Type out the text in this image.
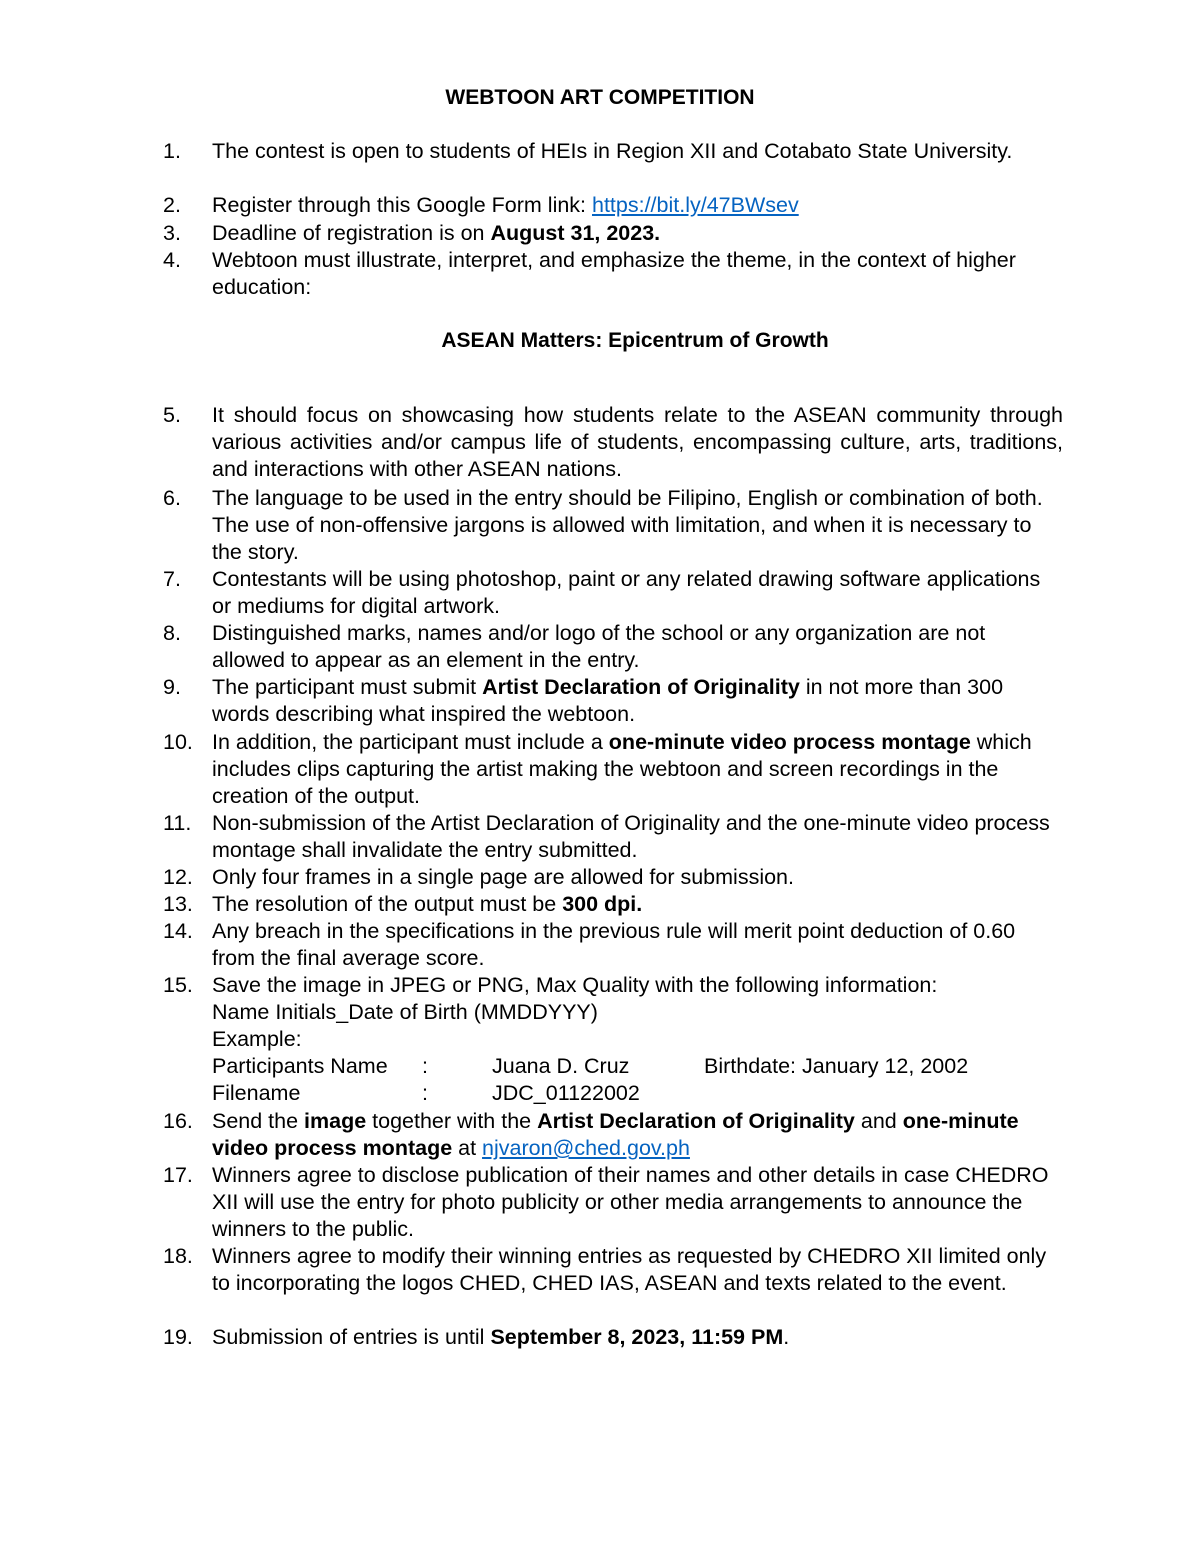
WEBTOON ART COMPETITION
1.	The contest is open to students of HEIs in Region XII and Cotabato State University.
2.	Register through this Google Form link: https://bit.ly/47BWsev
3.	Deadline of registration is on August 31, 2023.
4.	Webtoon must illustrate, interpret, and emphasize the theme, in the context of higher education:
5.	It should focus on showcasing how students relate to the ASEAN community through various activities and/or campus life of students, encompassing culture, arts, traditions, and interactions with other ASEAN nations.
6.	The language to be used in the entry should be Filipino, English or combination of both. The use of non-offensive jargons is allowed with limitation, and when it is necessary to the story.
7.	Contestants will be using photoshop, paint or any related drawing software applications or mediums for digital artwork.
8.	Distinguished marks, names and/or logo of the school or any organization are not allowed to appear as an element in the entry.
9.	The participant must submit Artist Declaration of Originality in not more than 300 words describing what inspired the webtoon.
10. In addition, the participant must include a one-minute video process montage which includes clips capturing the artist making the webtoon and screen recordings in the creation of the output.
11. Non-submission of the Artist Declaration of Originality and the one-minute video process montage shall invalidate the entry submitted.
12. Only four frames in a single page are allowed for submission.
13. The resolution of the output must be 300 dpi.
14. Any breach in the specifications in the previous rule will merit point deduction of 0.60 from the final average score.
15. Save the image in JPEG or PNG, Max Quality with the following information:
Name Initials_Date of Birth (MMDDYYY)
Example:
Participants Name :	Juana D. Cruz	Birthdate: January 12, 2002
Filename	:	JDC_01122002
16. Send the image together with the Artist Declaration of Originality and one-minute video process montage at njvaron@ched.gov.ph
17. Winners agree to disclose publication of their names and other details in case CHEDRO XII will use the entry for photo publicity or other media arrangements to announce the winners to the public.
18. Winners agree to modify their winning entries as requested by CHEDRO XII limited only to incorporating the logos CHED, CHED IAS, ASEAN and texts related to the event.
19. Submission of entries is until September 8, 2023, 11:59 PM.
ASEAN Matters: Epicentrum of Growth
